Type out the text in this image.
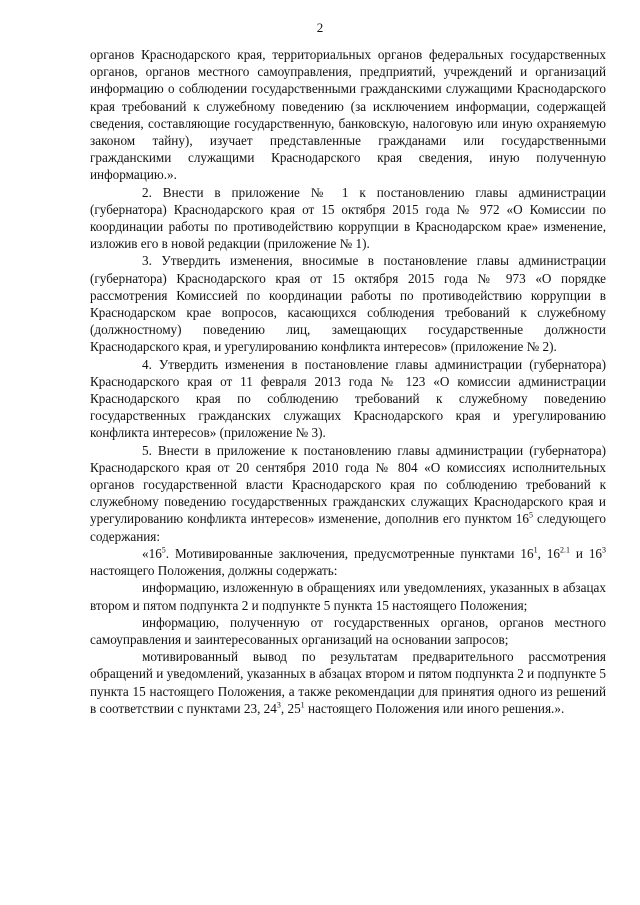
2

органов Краснодарского края, территориальных органов федеральных государственных органов, органов местного самоуправления, предприятий, учреждений и организаций информацию о соблюдении государственными гражданскими служащими Краснодарского края требований к служебному поведению (за исключением информации, содержащей сведения, составляющие государственную, банковскую, налоговую или иную охраняемую законом тайну), изучает представленные гражданами или государственными гражданскими служащими Краснодарского края сведения, иную полученную информацию.».

2. Внести в приложение № 1 к постановлению главы администрации (губернатора) Краснодарского края от 15 октября 2015 года № 972 «О Комиссии по координации работы по противодействию коррупции в Краснодарском крае» изменение, изложив его в новой редакции (приложение № 1).

3. Утвердить изменения, вносимые в постановление главы администрации (губернатора) Краснодарского края от 15 октября 2015 года № 973 «О порядке рассмотрения Комиссией по координации работы по противодействию коррупции в Краснодарском крае вопросов, касающихся соблюдения требований к служебному (должностному) поведению лиц, замещающих государственные должности Краснодарского края, и урегулированию конфликта интересов» (приложение № 2).

4. Утвердить изменения в постановление главы администрации (губернатора) Краснодарского края от 11 февраля 2013 года № 123 «О комиссии администрации Краснодарского края по соблюдению требований к служебному поведению государственных гражданских служащих Краснодарского края и урегулированию конфликта интересов» (приложение № 3).

5. Внести в приложение к постановлению главы администрации (губернатора) Краснодарского края от 20 сентября 2010 года № 804 «О комиссиях исполнительных органов государственной власти Краснодарского края по соблюдению требований к служебному поведению государственных гражданских служащих Краснодарского края и урегулированию конфликта интересов» изменение, дополнив его пунктом $16^5$ следующего содержания:

«$16^5$. Мотивированные заключения, предусмотренные пунктами $16^1$, $16^{2.1}$ и $16^3$ настоящего Положения, должны содержать:

информацию, изложенную в обращениях или уведомлениях, указанных в абзацах втором и пятом подпункта 2 и подпункте 5 пункта 15 настоящего Положения;

информацию, полученную от государственных органов, органов местного самоуправления и заинтересованных организаций на основании запросов;

мотивированный вывод по результатам предварительного рассмотрения обращений и уведомлений, указанных в абзацах втором и пятом подпункта 2 и подпункте 5 пункта 15 настоящего Положения, а также рекомендации для принятия одного из решений в соответствии с пунктами 23, $24^3$, $25^1$ настоящего Положения или иного решения.».
